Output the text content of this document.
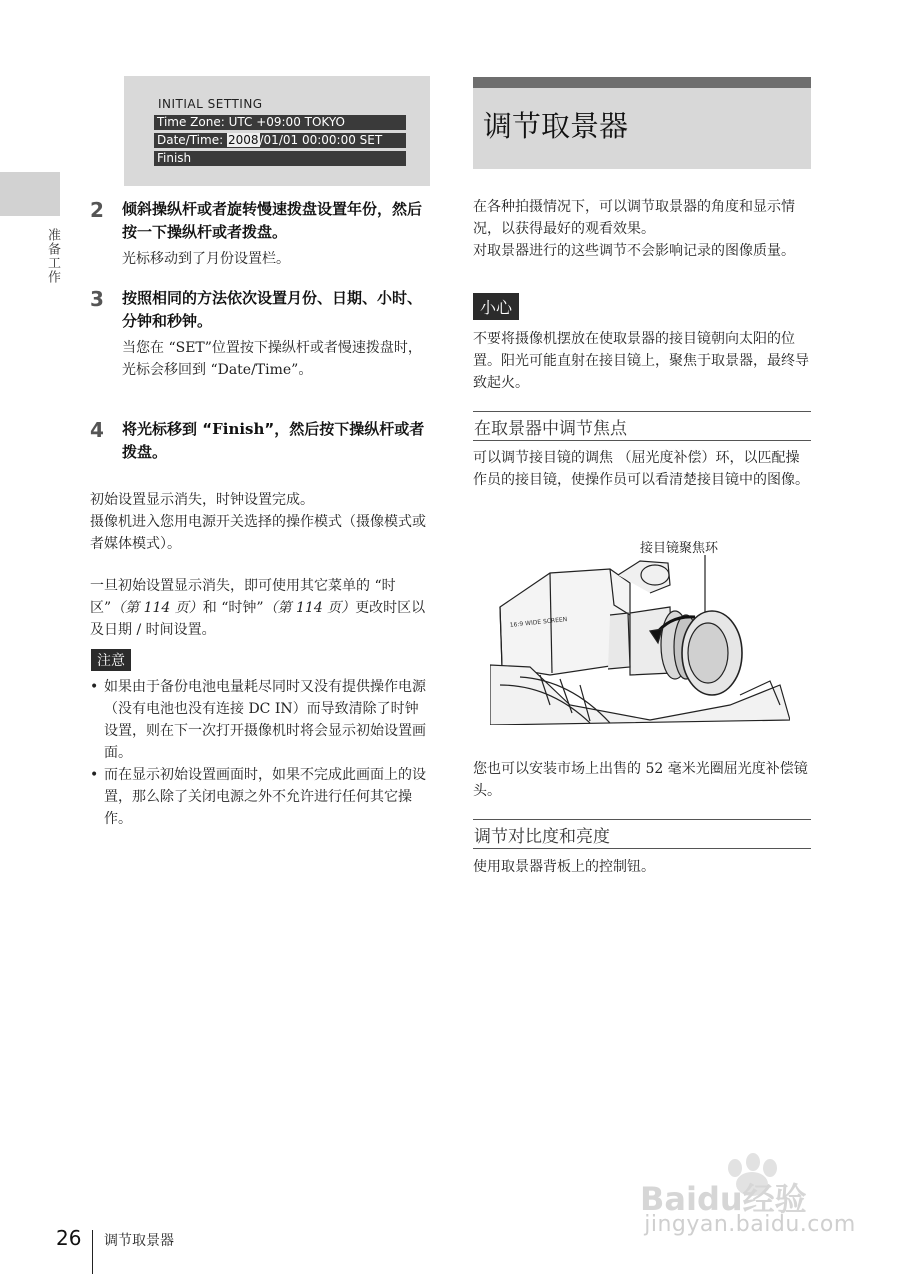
准备工作
INITIAL SETTING
Time Zone: UTC +09:00 TOKYO
Date/Time: 2008/01/01 00:00:00 SET
Finish
2 倾斜操纵杆或者旋转慢速拨盘设置年份，然后按一下操纵杆或者拨盘。
光标移动到了月份设置栏。
3 按照相同的方法依次设置月份、日期、小时、分钟和秒钟。
当您在 “SET”位置按下操纵杆或者慢速拨盘时，光标会移回到 “Date/Time”。
4 将光标移到 “Finish”，然后按下操纵杆或者拨盘。
初始设置显示消失，时钟设置完成。
摄像机进入您用电源开关选择的操作模式（摄像模式或者媒体模式）。
一旦初始设置显示消失，即可使用其它菜单的 “时区”（第 114 页）和 “时钟”（第 114 页）更改时区以及日期 / 时间设置。
注意
• 如果由于备份电池电量耗尽同时又没有提供操作电源 （没有电池也没有连接 DC IN）而导致清除了时钟设置，则在下一次打开摄像机时将会显示初始设置画面。
• 而在显示初始设置画面时，如果不完成此画面上的设置，那么除了关闭电源之外不允许进行任何其它操作。
调节取景器
在各种拍摄情况下，可以调节取景器的角度和显示情况，以获得最好的观看效果。
对取景器进行的这些调节不会影响记录的图像质量。
小心
不要将摄像机摆放在使取景器的接目镜朝向太阳的位置。阳光可能直射在接目镜上，聚焦于取景器，最终导致起火。
在取景器中调节焦点
可以调节接目镜的调焦 （屈光度补偿）环，以匹配操作员的接目镜，使操作员可以看清楚接目镜中的图像。
接目镜聚焦环
16:9 WIDE SCREEN
您也可以安装市场上出售的 52 毫米光圈屈光度补偿镜头。
调节对比度和亮度
使用取景器背板上的控制钮。
26 调节取景器
Baidu经验
jingyan.baidu.com
